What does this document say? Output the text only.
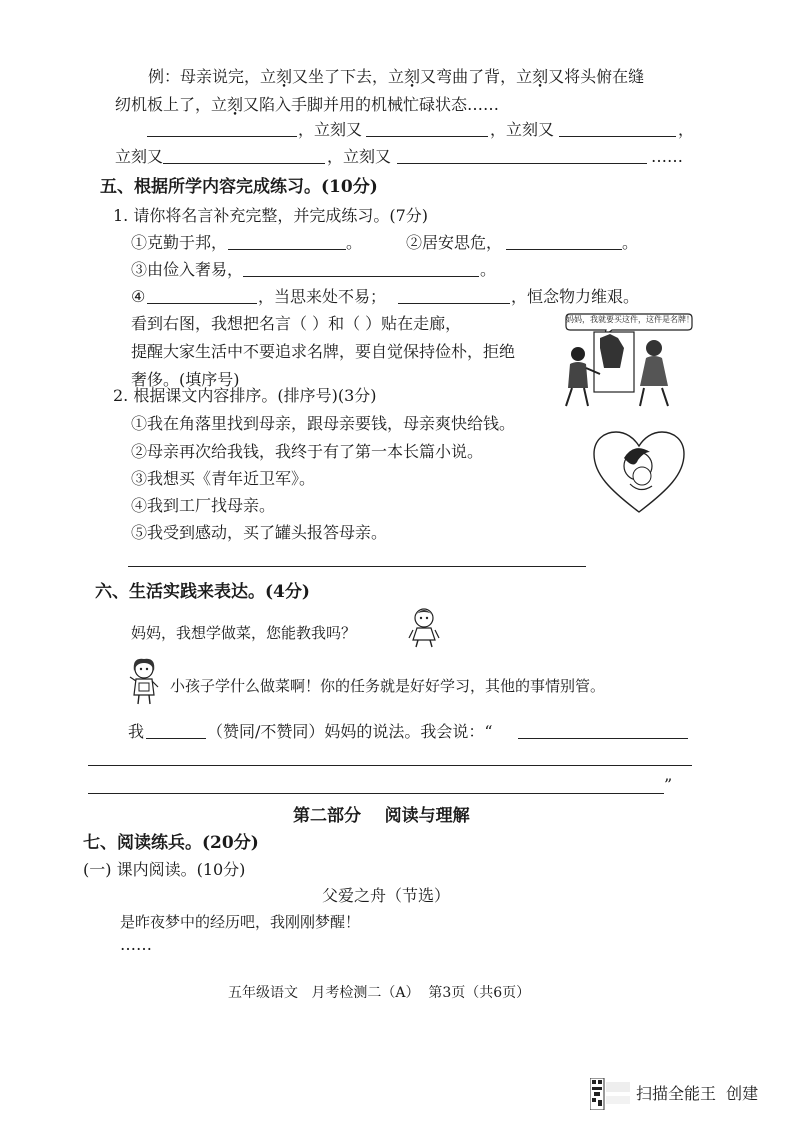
例：母亲说完，立刻又坐了下去，立刻又弯曲了背，立刻又将头俯在缝
纫机板上了，立刻又陷入手脚并用的机械忙碌状态……
，立刻又	，立刻又	，
立刻又	，立刻又	……
五、根据所学内容完成练习。(10分)
1. 请你将名言补充完整，并完成练习。(7分)
①克勤于邦，	。	②居安思危，	。
③由俭入奢易，	。
④	，当思来处不易；	，恒念物力维艰。
看到右图，我想把名言（ ）和（ ）贴在走廊，
提醒大家生活中不要追求名牌，要自觉保持俭朴，拒绝
奢侈。(填序号)
妈妈，我就要买这件，这件是名牌！
2. 根据课文内容排序。(排序号)(3分)
①我在角落里找到母亲，跟母亲要钱，母亲爽快给钱。
②母亲再次给我钱，我终于有了第一本长篇小说。
③我想买《青年近卫军》。
④我到工厂找母亲。
⑤我受到感动，买了罐头报答母亲。
六、生活实践来表达。(4分)
妈妈，我想学做菜，您能教我吗？
小孩子学什么做菜啊！你的任务就是好好学习，其他的事情别管。
我	（赞同/不赞同）妈妈的说法。我会说：“
”
第二部分    阅读与理解
七、阅读练兵。(20分)
(一) 课内阅读。(10分)
父爱之舟（节选）
是昨夜梦中的经历吧，我刚刚梦醒！
……
五年级语文   月考检测二（A）  第3页（共6页）
扫描全能王  创建
